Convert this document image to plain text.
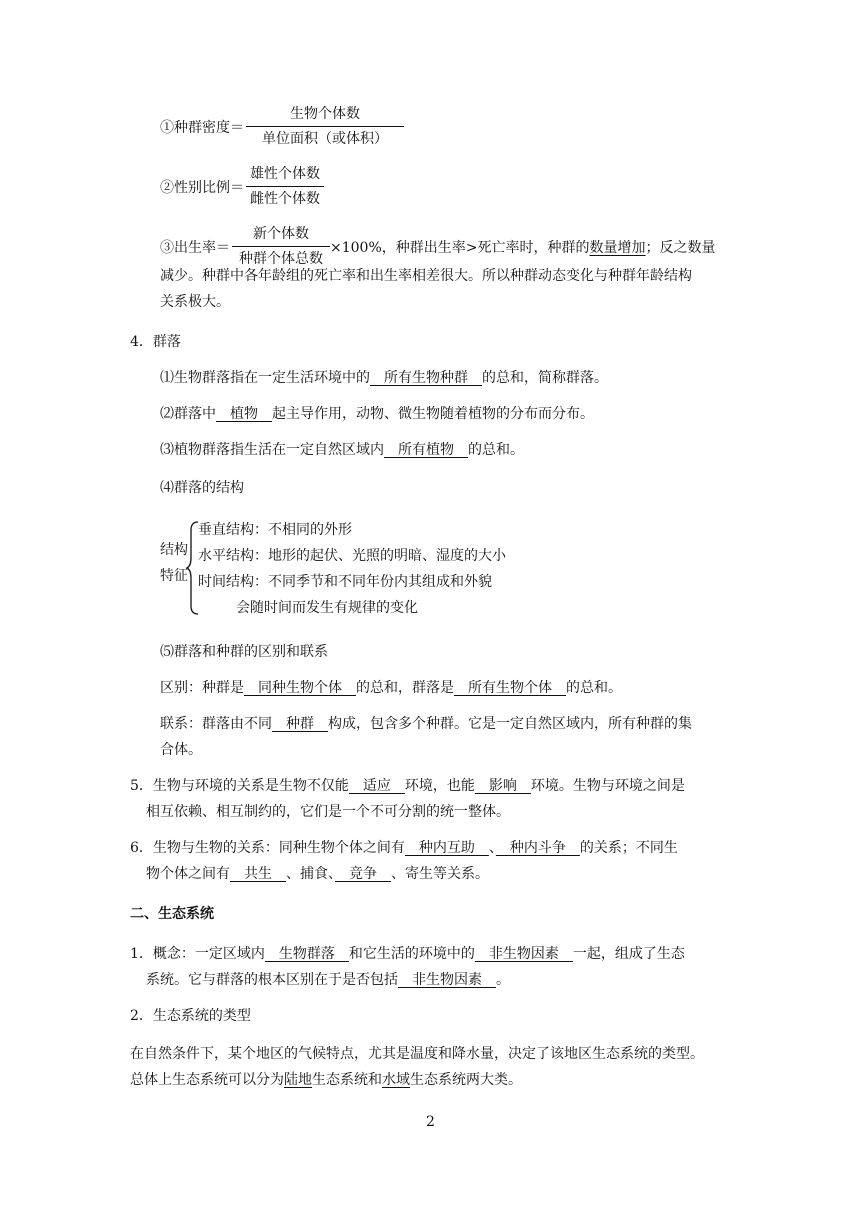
①种群密度＝ $\frac{\text{生物个体数}}{\text{单位面积（或体积）}}$
②性别比例＝ $\frac{\text{雄性个体数}}{\text{雌性个体数}}$
③出生率＝ $\frac{\text{新个体数}}{\text{种群个体总数}} \times 100\%$，种群出生率>死亡率时，种群的数量增加；反之数量
减少。种群中各年龄组的死亡率和出生率相差很大。所以种群动态变化与种群年龄结构
关系极大。
4．群落
⑴生物群落指在一定生活环境中的　所有生物种群　的总和，简称群落。
⑵群落中　植物　起主导作用，动物、微生物随着植物的分布而分布。
⑶植物群落指生活在一定自然区域内　所有植物　的总和。
⑷群落的结构
结构
特征
垂直结构：不相同的外形
水平结构：地形的起伏、光照的明暗、湿度的大小
时间结构：不同季节和不同年份内其组成和外貌
会随时间而发生有规律的变化
⑸群落和种群的区别和联系
区别：种群是　同种生物个体　的总和，群落是　所有生物个体　的总和。
联系：群落由不同　种群　构成，包含多个种群。它是一定自然区域内，所有种群的集
合体。
5．生物与环境的关系是生物不仅能　适应　环境，也能　影响　环境。生物与环境之间是
相互依赖、相互制约的，它们是一个不可分割的统一整体。
6．生物与生物的关系：同种生物个体之间有　种内互助　、　种内斗争　的关系；不同生
物个体之间有　共生　、捕食、　竞争　、寄生等关系。
二、生态系统
1．概念：一定区域内　生物群落　和它生活的环境中的　非生物因素　一起，组成了生态
系统。它与群落的根本区别在于是否包括　非生物因素　。
2．生态系统的类型
在自然条件下，某个地区的气候特点，尤其是温度和降水量，决定了该地区生态系统的类型。
总体上生态系统可以分为陆地生态系统和水域生态系统两大类。
2
